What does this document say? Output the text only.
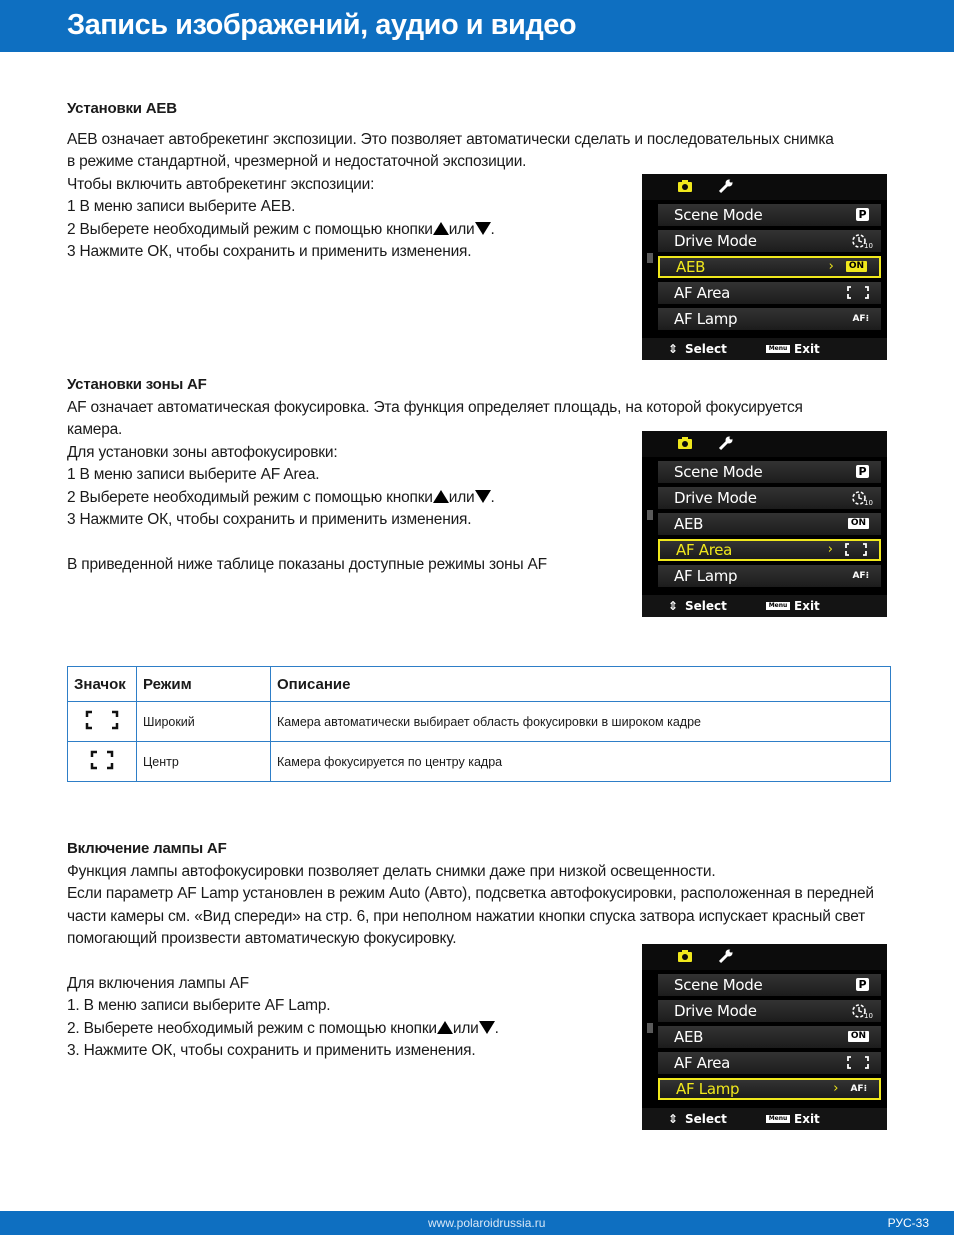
Запись изображений, аудио и видео

Установки AEB

AEB означает автобрекетинг экспозиции. Это позволяет автоматически сделать и последовательных снимка

в режиме стандартной, чрезмерной и недостаточной экспозиции.

Чтобы включить автобрекетинг экспозиции:

1 В меню записи выберите AEB.

2 Выберете необходимый режим с помощью кнопки или .

3 Нажмите ОК, чтобы сохранить и применить изменения.

Установки зоны AF

AF означает автоматическая фокусировка. Эта функция определяет площадь, на которой фокусируется

камера.

Для установки зоны автофокусировки:

1 В меню записи выберите AF Area.

2 Выберете необходимый режим с помощью кнопки или .

3 Нажмите ОК, чтобы сохранить и применить изменения.

В приведенной ниже таблице показаны доступные режимы зоны AF

Включение лампы AF

Функция лампы автофокусировки позволяет делать снимки даже при низкой освещенности.

Если параметр AF Lamp установлен в режим Auto (Авто), подсветка автофокусировки, расположенная в передней

части камеры см. «Вид спереди» на стр. 6, при неполном нажатии кнопки спуска затвора испускает красный свет

помогающий произвести автоматическую фокусировку.

Для включения лампы AF

1. В меню записи выберите AF Lamp.

2. Выберете необходимый режим с помощью кнопки или .

3. Нажмите ОК, чтобы сохранить и применить изменения.

Scene Mode	P
Drive Mode	10
AEB	›	ON
AF Area
AF Lamp	AF⁝
⇕ Select	Menu Exit
Scene Mode	P
Drive Mode	10
AEB	ON
AF Area	›
AF Lamp	AF⁝
⇕ Select	Menu Exit
Scene Mode	P
Drive Mode	10
AEB	ON
AF Area
AF Lamp	› AF⁝
⇕ Select	Menu Exit
Значок	Режим	Описание
	Широкий	Камера автоматически выбирает область фокусировки в широком кадре
	Центр	Камера фокусируется по центру кадра
www.polaroidrussia.ru	РУС-33
